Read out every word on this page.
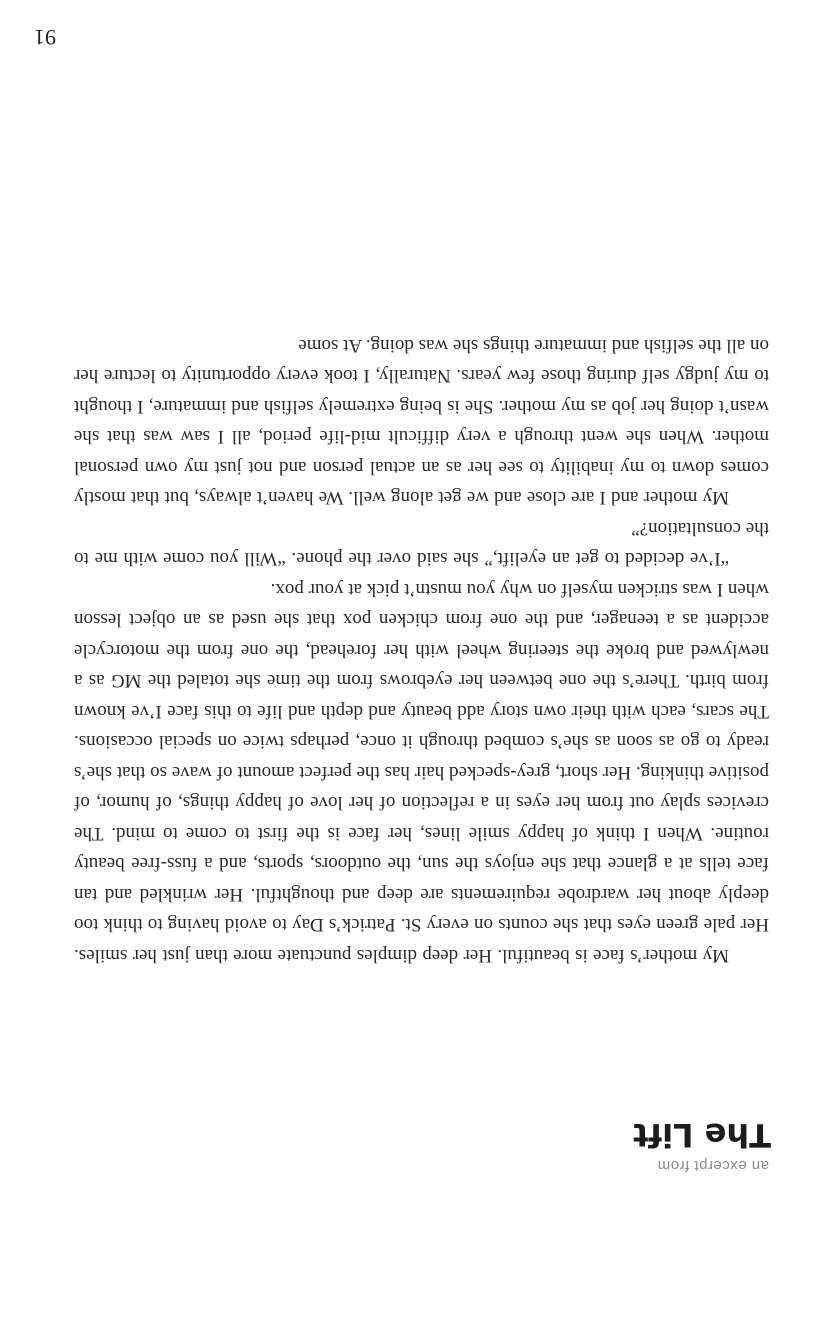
an excerpt from
The Lift

My mother’s face is beautiful. Her deep dimples punctuate more than just her smiles. Her pale green eyes that she counts on every St. Patrick’s Day to avoid having to think too deeply about her wardrobe requirements are deep and thoughtful. Her wrinkled and tan face tells at a glance that she enjoys the sun, the outdoors, sports, and a fuss-free beauty routine. When I think of happy smile lines, her face is the first to come to mind. The crevices splay out from her eyes in a reflection of her love of happy things, of humor, of positive thinking. Her short, grey-specked hair has the perfect amount of wave so that she’s ready to go as soon as she’s combed through it once, perhaps twice on special occasions. The scars, each with their own story add beauty and depth and life to this face I’ve known from birth. There’s the one between her eyebrows from the time she totaled the MG as a newlywed and broke the steering wheel with her forehead, the one from the motorcycle accident as a teenager, and the one from chicken pox that she used as an object lesson when I was stricken myself on why you mustn’t pick at your pox.

“I’ve decided to get an eyelift,” she said over the phone. “Will you come with me to the consultation?”

My mother and I are close and we get along well. We haven’t always, but that mostly comes down to my inability to see her as an actual person and not just my own personal mother. When she went through a very difficult mid-life period, all I saw was that she wasn’t doing her job as my mother. She is being extremely selfish and immature, I thought to my judgy self during those few years. Naturally, I took every opportunity to lecture her on all the selfish and immature things she was doing. At some

91
